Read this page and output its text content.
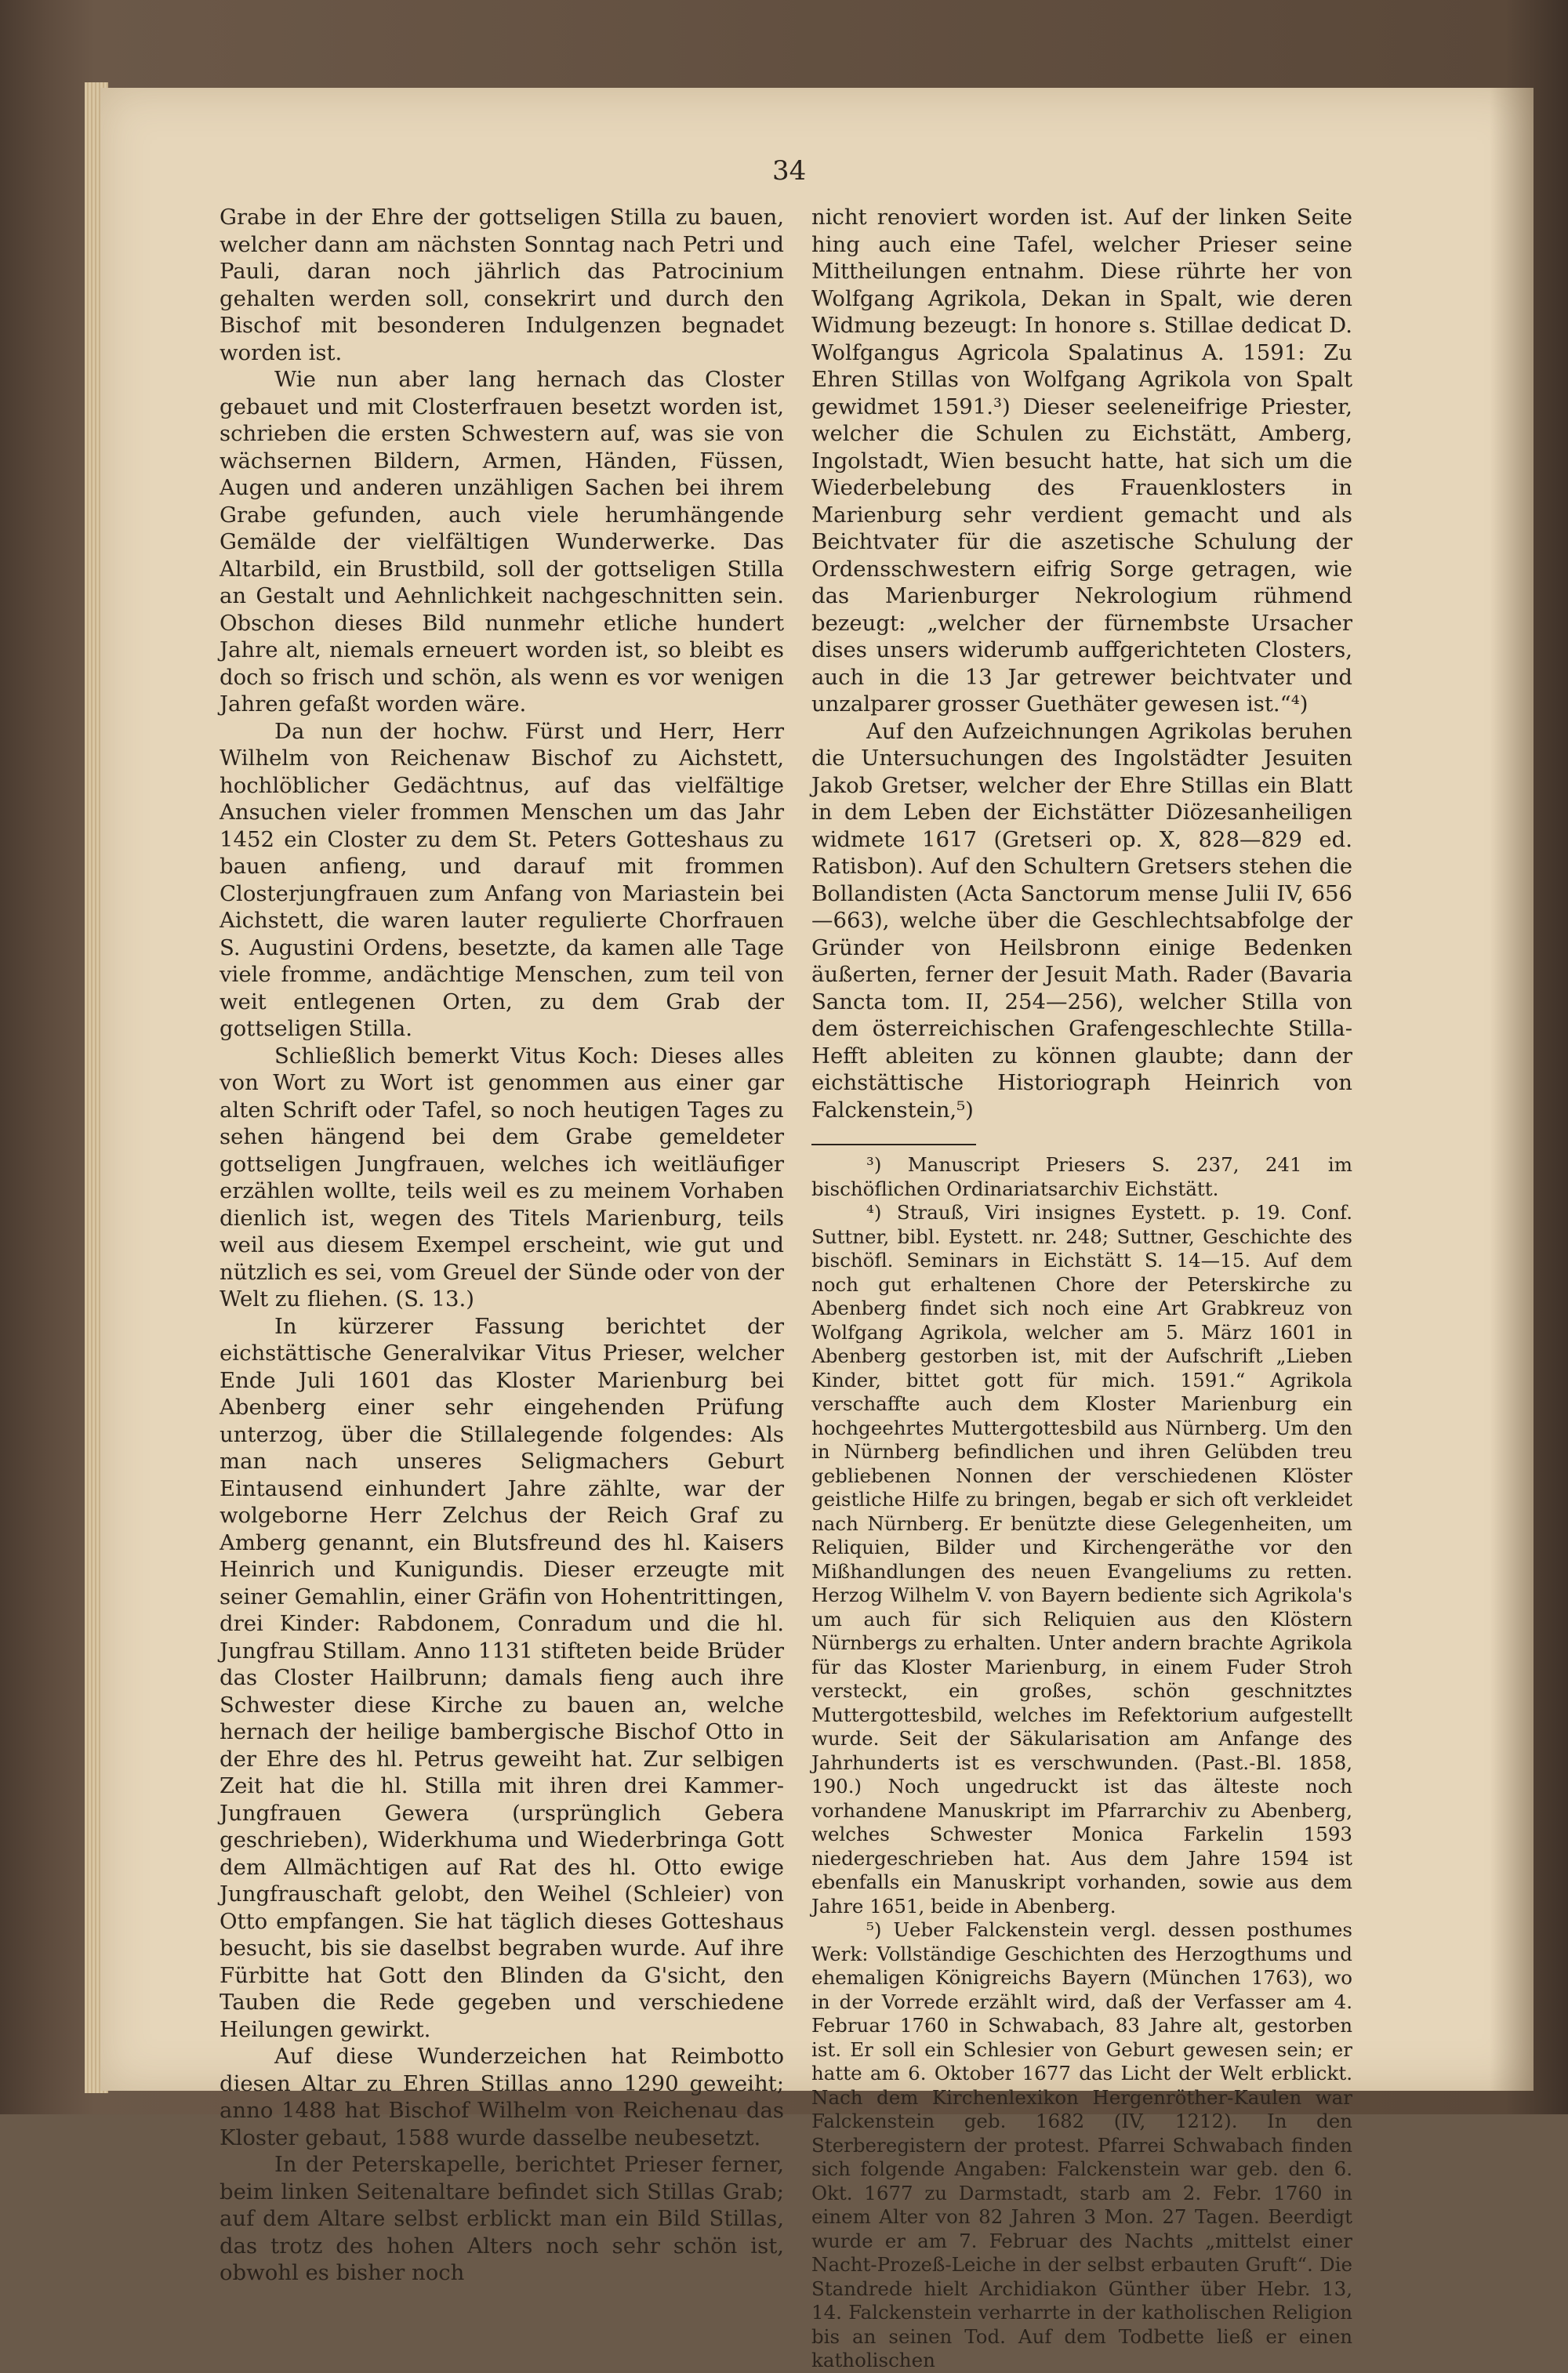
34

Grabe in der Ehre der gottseligen Stilla zu bauen, welcher dann am nächsten Sonntag nach Petri und Pauli, daran noch jährlich das Patrocinium gehalten werden soll, consekrirt und durch den Bischof mit besonderen Indulgenzen begnadet worden ist.

Wie nun aber lang hernach das Closter gebauet und mit Closterfrauen besetzt worden ist, schrieben die ersten Schwestern auf, was sie von wächsernen Bildern, Armen, Händen, Füssen, Augen und anderen unzähligen Sachen bei ihrem Grabe gefunden, auch viele herumhängende Gemälde der vielfältigen Wunderwerke. Das Altarbild, ein Brustbild, soll der gottseligen Stilla an Gestalt und Aehnlichkeit nachgeschnitten sein. Obschon dieses Bild nunmehr etliche hundert Jahre alt, niemals erneuert worden ist, so bleibt es doch so frisch und schön, als wenn es vor wenigen Jahren gefaßt worden wäre.

Da nun der hochw. Fürst und Herr, Herr Wilhelm von Reichenaw Bischof zu Aichstett, hochlöblicher Gedächtnus, auf das vielfältige Ansuchen vieler frommen Menschen um das Jahr 1452 ein Closter zu dem St. Peters Gotteshaus zu bauen anfieng, und darauf mit frommen Closterjungfrauen zum Anfang von Mariastein bei Aichstett, die waren lauter regulierte Chorfrauen S. Augustini Ordens, besetzte, da kamen alle Tage viele fromme, andächtige Menschen, zum teil von weit entlegenen Orten, zu dem Grab der gottseligen Stilla.

Schließlich bemerkt Vitus Koch: Dieses alles von Wort zu Wort ist genommen aus einer gar alten Schrift oder Tafel, so noch heutigen Tages zu sehen hängend bei dem Grabe gemeldeter gottseligen Jungfrauen, welches ich weitläufiger erzählen wollte, teils weil es zu meinem Vorhaben dienlich ist, wegen des Titels Marienburg, teils weil aus diesem Exempel erscheint, wie gut und nützlich es sei, vom Greuel der Sünde oder von der Welt zu fliehen. (S. 13.)

In kürzerer Fassung berichtet der eichstättische Generalvikar Vitus Prieser, welcher Ende Juli 1601 das Kloster Marienburg bei Abenberg einer sehr eingehenden Prüfung unterzog, über die Stillalegende folgendes: Als man nach unseres Seligmachers Geburt Eintausend einhundert Jahre zählte, war der wolgeborne Herr Zelchus der Reich Graf zu Amberg genannt, ein Blutsfreund des hl. Kaisers Heinrich und Kunigundis. Dieser erzeugte mit seiner Gemahlin, einer Gräfin von Hohentrittingen, drei Kinder: Rabdonem, Conradum und die hl. Jungfrau Stillam. Anno 1131 stifteten beide Brüder das Closter Hailbrunn; damals fieng auch ihre Schwester diese Kirche zu bauen an, welche hernach der heilige bambergische Bischof Otto in der Ehre des hl. Petrus geweiht hat. Zur selbigen Zeit hat die hl. Stilla mit ihren drei Kammer-Jungfrauen Gewera (ursprünglich Gebera geschrieben), Widerkhuma und Wiederbringa Gott dem Allmächtigen auf Rat des hl. Otto ewige Jungfrauschaft gelobt, den Weihel (Schleier) von Otto empfangen. Sie hat täglich dieses Gotteshaus besucht, bis sie daselbst begraben wurde. Auf ihre Fürbitte hat Gott den Blinden da G'sicht, den Tauben die Rede gegeben und verschiedene Heilungen gewirkt.

Auf diese Wunderzeichen hat Reimbotto diesen Altar zu Ehren Stillas anno 1290 geweiht; anno 1488 hat Bischof Wilhelm von Reichenau das Kloster gebaut, 1588 wurde dasselbe neubesetzt.

In der Peterskapelle, berichtet Prieser ferner, beim linken Seitenaltare befindet sich Stillas Grab; auf dem Altare selbst erblickt man ein Bild Stillas, das trotz des hohen Alters noch sehr schön ist, obwohl es bisher noch

nicht renoviert worden ist. Auf der linken Seite hing auch eine Tafel, welcher Prieser seine Mittheilungen entnahm. Diese rührte her von Wolfgang Agrikola, Dekan in Spalt, wie deren Widmung bezeugt: In honore s. Stillae dedicat D. Wolfgangus Agricola Spalatinus A. 1591: Zu Ehren Stillas von Wolfgang Agrikola von Spalt gewidmet 1591.³) Dieser seeleneifrige Priester, welcher die Schulen zu Eichstätt, Amberg, Ingolstadt, Wien besucht hatte, hat sich um die Wiederbelebung des Frauenklosters in Marienburg sehr verdient gemacht und als Beichtvater für die aszetische Schulung der Ordensschwestern eifrig Sorge getragen, wie das Marienburger Nekrologium rühmend bezeugt: „welcher der fürnembste Ursacher dises unsers widerumb auffgerichteten Closters, auch in die 13 Jar getrewer beichtvater und unzalparer grosser Guethäter gewesen ist.“⁴)

Auf den Aufzeichnungen Agrikolas beruhen die Untersuchungen des Ingolstädter Jesuiten Jakob Gretser, welcher der Ehre Stillas ein Blatt in dem Leben der Eichstätter Diözesanheiligen widmete 1617 (Gretseri op. X, 828—829 ed. Ratisbon). Auf den Schultern Gretsers stehen die Bollandisten (Acta Sanctorum mense Julii IV, 656—663), welche über die Geschlechtsabfolge der Gründer von Heilsbronn einige Bedenken äußerten, ferner der Jesuit Math. Rader (Bavaria Sancta tom. II, 254—256), welcher Stilla von dem österreichischen Grafengeschlechte Stilla-Hefft ableiten zu können glaubte; dann der eichstättische Historiograph Heinrich von Falckenstein,⁵)

³) Manuscript Priesers S. 237, 241 im bischöflichen Ordinariatsarchiv Eichstätt.

⁴) Strauß, Viri insignes Eystett. p. 19. Conf. Suttner, bibl. Eystett. nr. 248; Suttner, Geschichte des bischöfl. Seminars in Eichstätt S. 14—15. Auf dem noch gut erhaltenen Chore der Peterskirche zu Abenberg findet sich noch eine Art Grabkreuz von Wolfgang Agrikola, welcher am 5. März 1601 in Abenberg gestorben ist, mit der Aufschrift „Lieben Kinder, bittet gott für mich. 1591.“ Agrikola verschaffte auch dem Kloster Marienburg ein hochgeehrtes Muttergottesbild aus Nürnberg. Um den in Nürnberg befindlichen und ihren Gelübden treu gebliebenen Nonnen der verschiedenen Klöster geistliche Hilfe zu bringen, begab er sich oft verkleidet nach Nürnberg. Er benützte diese Gelegenheiten, um Reliquien, Bilder und Kirchengeräthe vor den Mißhandlungen des neuen Evangeliums zu retten. Herzog Wilhelm V. von Bayern bediente sich Agrikola's um auch für sich Reliquien aus den Klöstern Nürnbergs zu erhalten. Unter andern brachte Agrikola für das Kloster Marienburg, in einem Fuder Stroh versteckt, ein großes, schön geschnitztes Muttergottesbild, welches im Refektorium aufgestellt wurde. Seit der Säkularisation am Anfange des Jahrhunderts ist es verschwunden. (Past.-Bl. 1858, 190.) Noch ungedruckt ist das älteste noch vorhandene Manuskript im Pfarrarchiv zu Abenberg, welches Schwester Monica Farkelin 1593 niedergeschrieben hat. Aus dem Jahre 1594 ist ebenfalls ein Manuskript vorhanden, sowie aus dem Jahre 1651, beide in Abenberg.

⁵) Ueber Falckenstein vergl. dessen posthumes Werk: Vollständige Geschichten des Herzogthums und ehemaligen Königreichs Bayern (München 1763), wo in der Vorrede erzählt wird, daß der Verfasser am 4. Februar 1760 in Schwabach, 83 Jahre alt, gestorben ist. Er soll ein Schlesier von Geburt gewesen sein; er hatte am 6. Oktober 1677 das Licht der Welt erblickt. Nach dem Kirchenlexikon Hergenröther-Kaulen war Falckenstein geb. 1682 (IV, 1212). In den Sterberegistern der protest. Pfarrei Schwabach finden sich folgende Angaben: Falckenstein war geb. den 6. Okt. 1677 zu Darmstadt, starb am 2. Febr. 1760 in einem Alter von 82 Jahren 3 Mon. 27 Tagen. Beerdigt wurde er am 7. Februar des Nachts „mittelst einer Nacht-Prozeß-Leiche in der selbst erbauten Gruft“. Die Standrede hielt Archidiakon Günther über Hebr. 13, 14. Falckenstein verharrte in der katholischen Religion bis an seinen Tod. Auf dem Todbette ließ er einen katholischen
